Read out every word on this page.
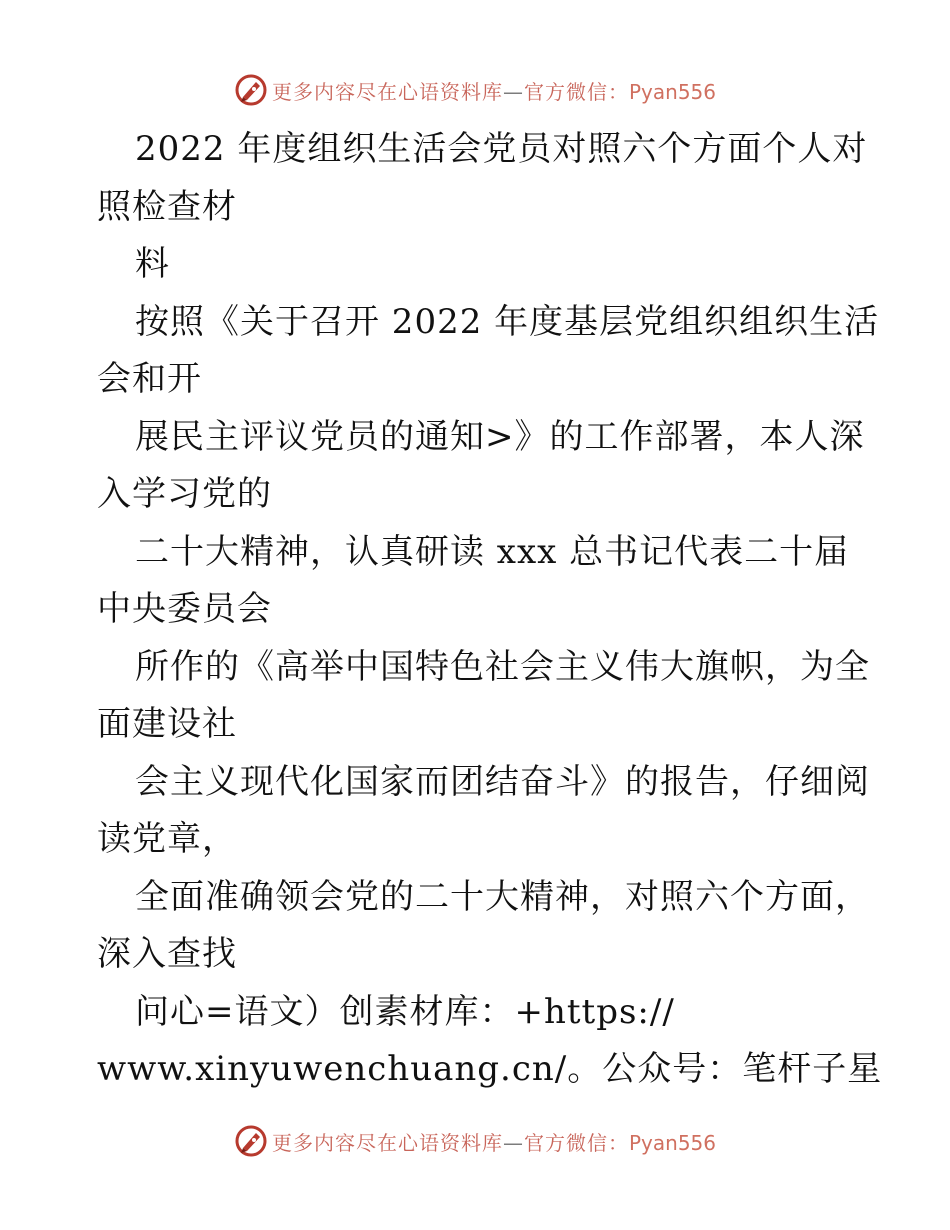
更多内容尽在心语资料库—官方微信：Pyan556
2022 年度组织生活会党员对照六个方面个人对
照检查材
料
按照《关于召开 2022 年度基层党组织组织生活
会和开
展民主评议党员的通知>》的工作部署，本人深
入学习党的
二十大精神，认真研读 xxx 总书记代表二十届
中央委员会
所作的《高举中国特色社会主义伟大旗帜，为全
面建设社
会主义现代化国家而团结奋斗》的报告，仔细阅
读党章，
全面准确领会党的二十大精神，对照六个方面，
深入查找
问心=语文）创素材库：+https://
www.xinyuwenchuang.cn/。公众号：笔杆子星
更多内容尽在心语资料库—官方微信：Pyan556
